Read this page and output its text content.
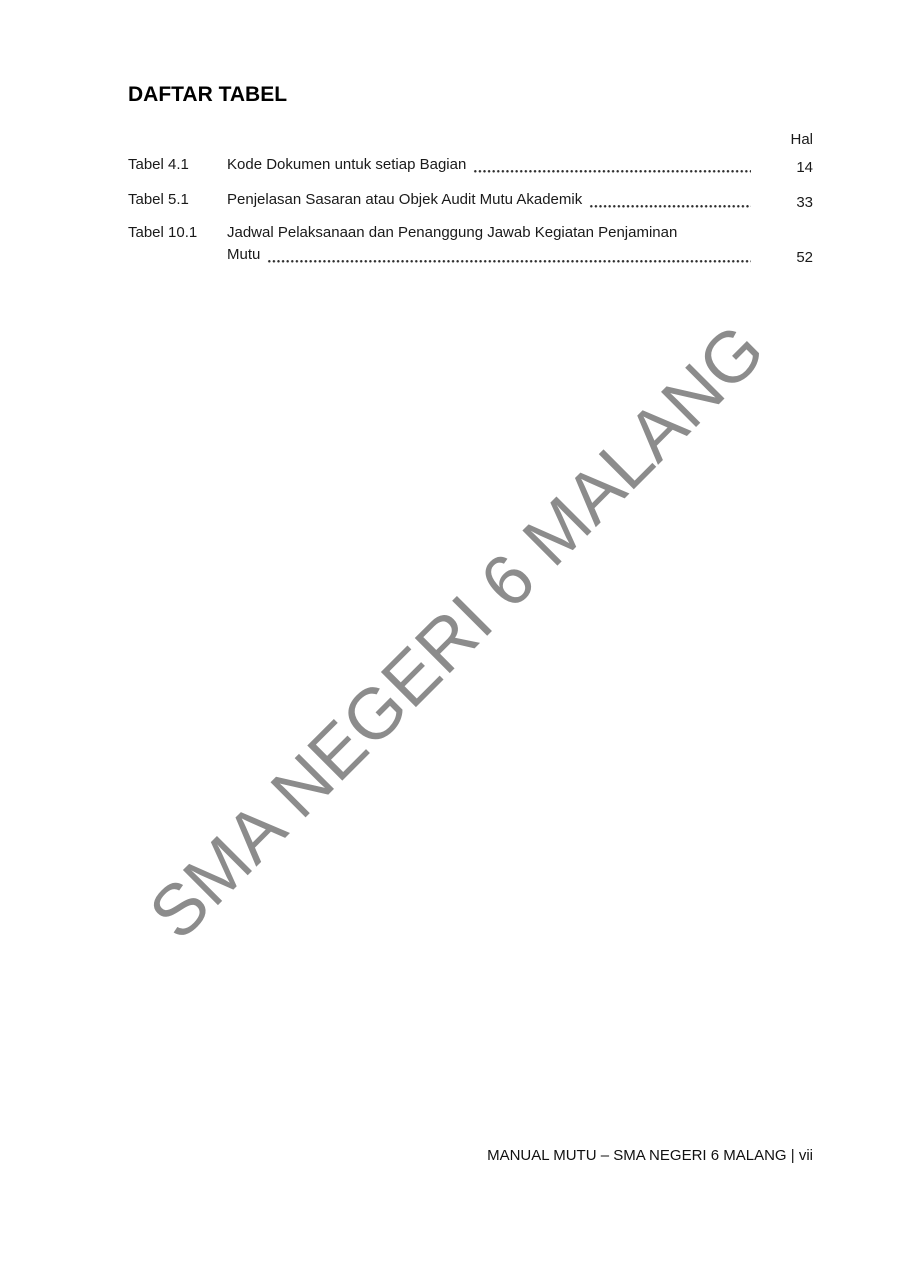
SMA NEGERI 6 MALANG
DAFTAR TABEL
Hal
Tabel 4.1	Kode Dokumen untuk setiap Bagian	14
Tabel 5.1	Penjelasan Sasaran atau Objek Audit Mutu Akademik	33
Tabel 10.1	Jadwal Pelaksanaan dan Penanggung Jawab Kegiatan Penjaminan
Mutu	52
MANUAL MUTU – SMA NEGERI 6 MALANG | vii
